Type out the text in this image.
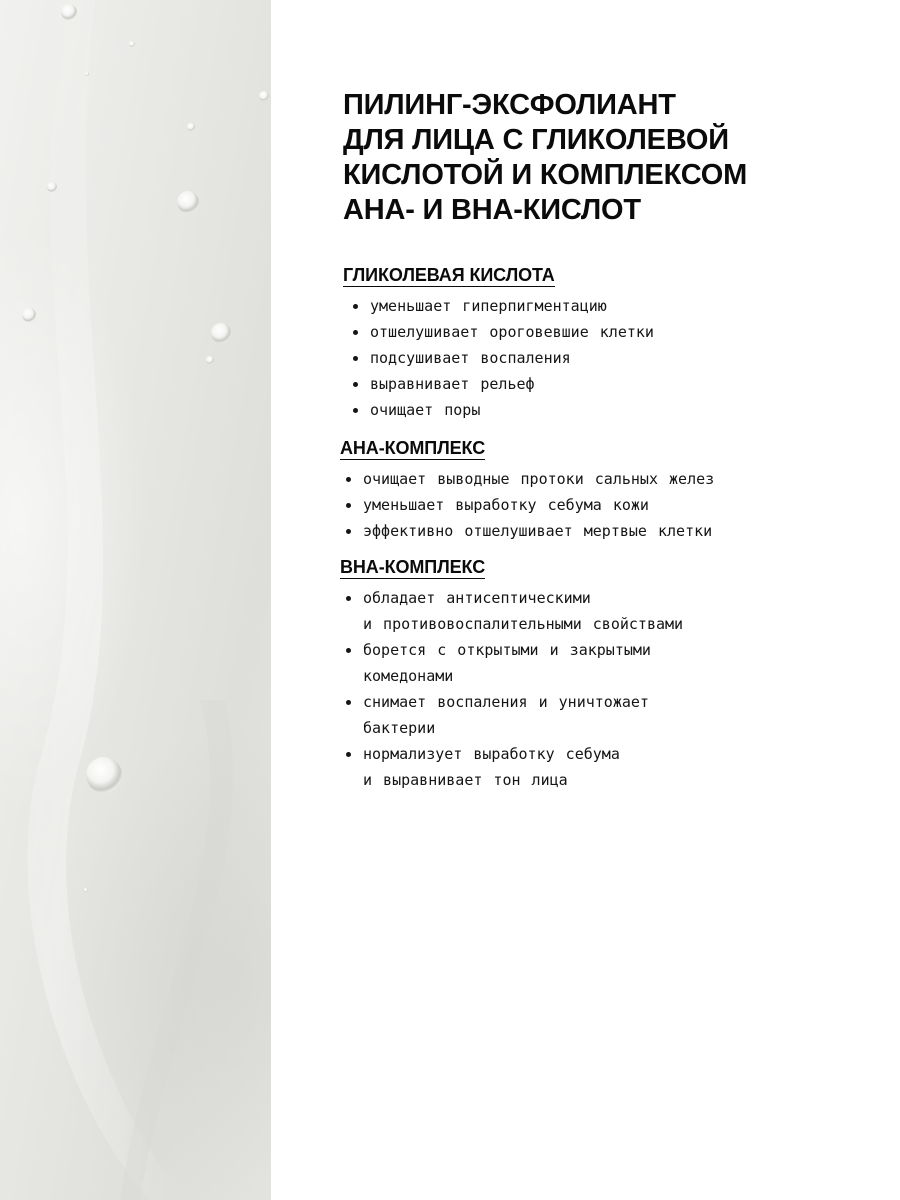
ПИЛИНГ-ЭКСФОЛИАНТ
ДЛЯ ЛИЦА С ГЛИКОЛЕВОЙ
КИСЛОТОЙ И КОМПЛЕКСОМ
АНА- И ВНА-КИСЛОТ
ГЛИКОЛЕВАЯ КИСЛОТА
уменьшает гиперпигментацию
отшелушивает ороговевшие клетки
подсушивает воспаления
выравнивает рельеф
очищает поры
АНА-КОМПЛЕКС
очищает выводные протоки сальных желез
уменьшает выработку себума кожи
эффективно отшелушивает мертвые клетки
ВНА-КОМПЛЕКС
обладает антисептическими
и противовоспалительными свойствами
борется с открытыми и закрытыми
комедонами
снимает воспаления и уничтожает
бактерии
нормализует выработку себума
и выравнивает тон лица
